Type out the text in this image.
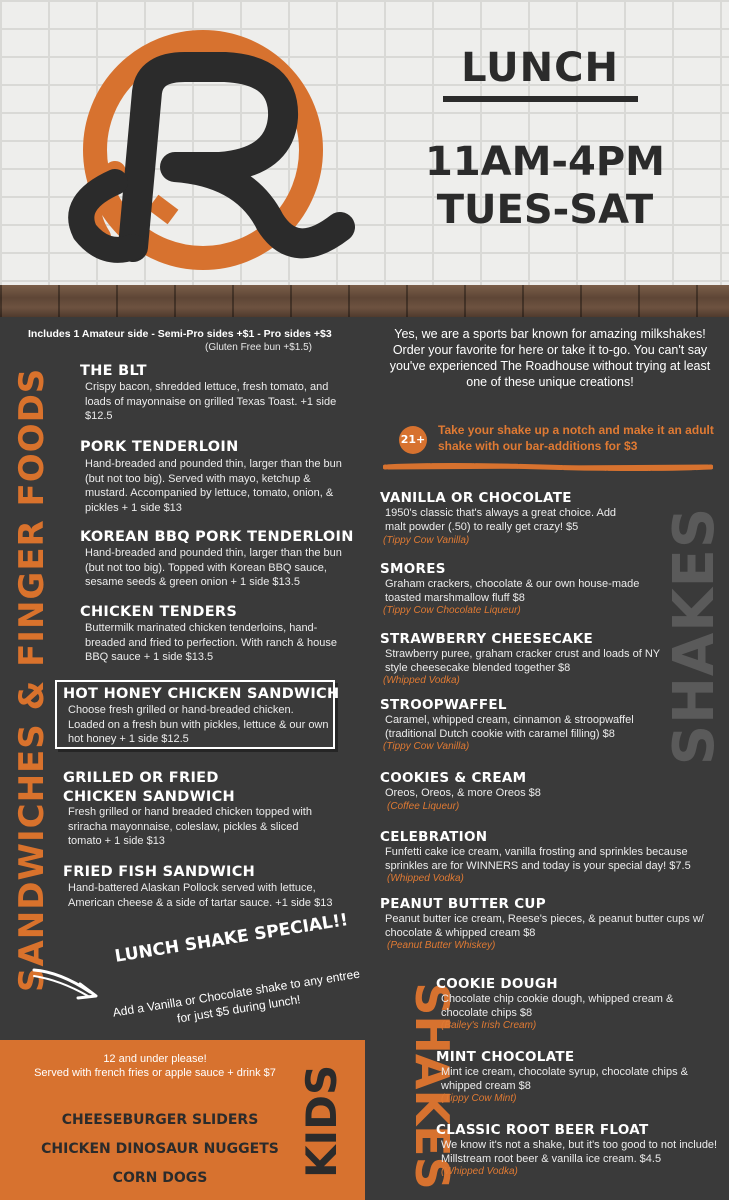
LUNCH
11AM-4PM
TUES-SAT
Includes 1 Amateur side - Semi-Pro sides +$1 - Pro sides +$3
(Gluten Free bun +$1.5)
SANDWICHES & FINGER FOODS THE BLT
Crispy bacon, shredded lettuce, fresh tomato, and loads of mayonnaise on grilled Texas Toast. +1 side $12.5
PORK TENDERLOIN
Hand-breaded and pounded thin, larger than the bun (but not too big). Served with mayo, ketchup & mustard. Accompanied by lettuce, tomato, onion, & pickles + 1 side $13
KOREAN BBQ PORK TENDERLOIN
Hand-breaded and pounded thin, larger than the bun (but not too big). Topped with Korean BBQ sauce, sesame seeds & green onion + 1 side $13.5
CHICKEN TENDERS
Buttermilk marinated chicken tenderloins, hand-breaded and fried to perfection. With ranch & house BBQ sauce + 1 side $13.5
HOT HONEY CHICKEN SANDWICH
Choose fresh grilled or hand-breaded chicken. Loaded on a fresh bun with pickles, lettuce & our own hot honey + 1 side $12.5
GRILLED OR FRIED CHICKEN SANDWICH
Fresh grilled or hand breaded chicken topped with sriracha mayonnaise, coleslaw, pickles & sliced tomato + 1 side $13
FRIED FISH SANDWICH
Hand-battered Alaskan Pollock served with lettuce, American cheese & a side of tartar sauce. +1 side $13
LUNCH SHAKE SPECIAL!!
Add a Vanilla or Chocolate shake to any entree for just $5 during lunch!
12 and under please!
Served with french fries or apple sauce + drink $7
CHEESEBURGER SLIDERS
CHICKEN DINOSAUR NUGGETS
CORN DOGS	KIDS
Yes, we are a sports bar known for amazing milkshakes! Order your favorite for here or take it to-go. You can't say you've experienced The Roadhouse without trying at least one of these unique creations!
21+
Take your shake up a notch and make it an adult shake with our bar-additions for $3
SHAKES
SHAKES
VANILLA OR CHOCOLATE
1950's classic that's always a great choice. Add malt powder (.50) to really get crazy! $5
(Tippy Cow Vanilla)
SMORES
Graham crackers, chocolate & our own house-made toasted marshmallow fluff $8
(Tippy Cow Chocolate Liqueur)
STRAWBERRY CHEESECAKE
Strawberry puree, graham cracker crust and loads of NY style cheesecake blended together $8
(Whipped Vodka)
STROOPWAFFEL
Caramel, whipped cream, cinnamon & stroopwaffel (traditional Dutch cookie with caramel filling) $8
(Tippy Cow Vanilla)
COOKIES & CREAM
Oreos, Oreos, & more Oreos $8
(Coffee Liqueur)
CELEBRATION
Funfetti cake ice cream, vanilla frosting and sprinkles because sprinkles are for WINNERS and today is your special day! $7.5
(Whipped Vodka)
PEANUT BUTTER CUP
Peanut butter ice cream, Reese's pieces, & peanut butter cups w/ chocolate & whipped cream $8
(Peanut Butter Whiskey)
COOKIE DOUGH
Chocolate chip cookie dough, whipped cream & chocolate chips $8
(Bailey's Irish Cream)
MINT CHOCOLATE
Mint ice cream, chocolate syrup, chocolate chips & whipped cream $8
(Tippy Cow Mint)
CLASSIC ROOT BEER FLOAT
We know it's not a shake, but it's too good to not include! Millstream root beer & vanilla ice cream. $4.5
(Whipped Vodka)
